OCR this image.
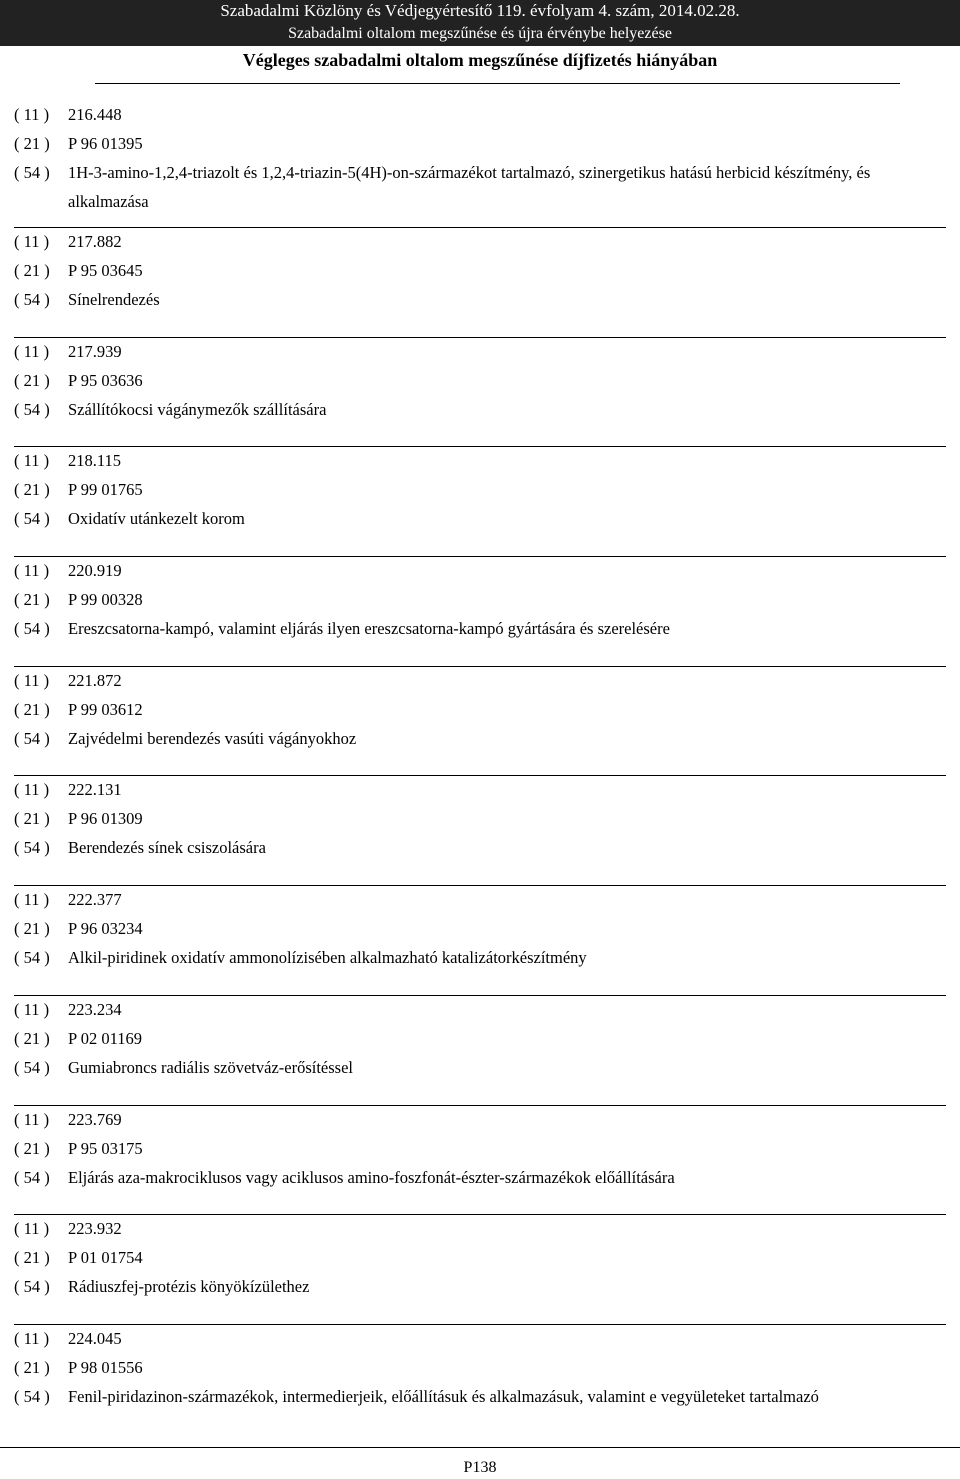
Szabadalmi Közlöny és Védjegyértesítő 119. évfolyam 4. szám, 2014.02.28.
Szabadalmi oltalom megszűnése és újra érvénybe helyezése
Végleges szabadalmi oltalom megszűnése díjfizetés hiányában
( 11 )	216.448
( 21 )	P 96 01395
( 54 )	1H-3-amino-1,2,4-triazolt és 1,2,4-triazin-5(4H)-on-származékot tartalmazó, szinergetikus hatású herbicid készítmény, és alkalmazása
( 11 )	217.882
( 21 )	P 95 03645
( 54 )	Sínelrendezés
( 11 )	217.939
( 21 )	P 95 03636
( 54 )	Szállítókocsi vágánymezők szállítására
( 11 )	218.115
( 21 )	P 99 01765
( 54 )	Oxidatív utánkezelt korom
( 11 )	220.919
( 21 )	P 99 00328
( 54 )	Ereszcsatorna-kampó, valamint eljárás ilyen ereszcsatorna-kampó gyártására és szerelésére
( 11 )	221.872
( 21 )	P 99 03612
( 54 )	Zajvédelmi berendezés vasúti vágányokhoz
( 11 )	222.131
( 21 )	P 96 01309
( 54 )	Berendezés sínek csiszolására
( 11 )	222.377
( 21 )	P 96 03234
( 54 )	Alkil-piridinek oxidatív ammonolízisében alkalmazható katalizátorkészítmény
( 11 )	223.234
( 21 )	P 02 01169
( 54 )	Gumiabroncs radiális szövetváz-erősítéssel
( 11 )	223.769
( 21 )	P 95 03175
( 54 )	Eljárás aza-makrociklusos vagy aciklusos amino-foszfonát-észter-származékok előállítására
( 11 )	223.932
( 21 )	P 01 01754
( 54 )	Rádiuszfej-protézis könyökízülethez
( 11 )	224.045
( 21 )	P 98 01556
( 54 )	Fenil-piridazinon-származékok, intermedierjeik, előállításuk és alkalmazásuk, valamint e vegyületeket tartalmazó
P138
